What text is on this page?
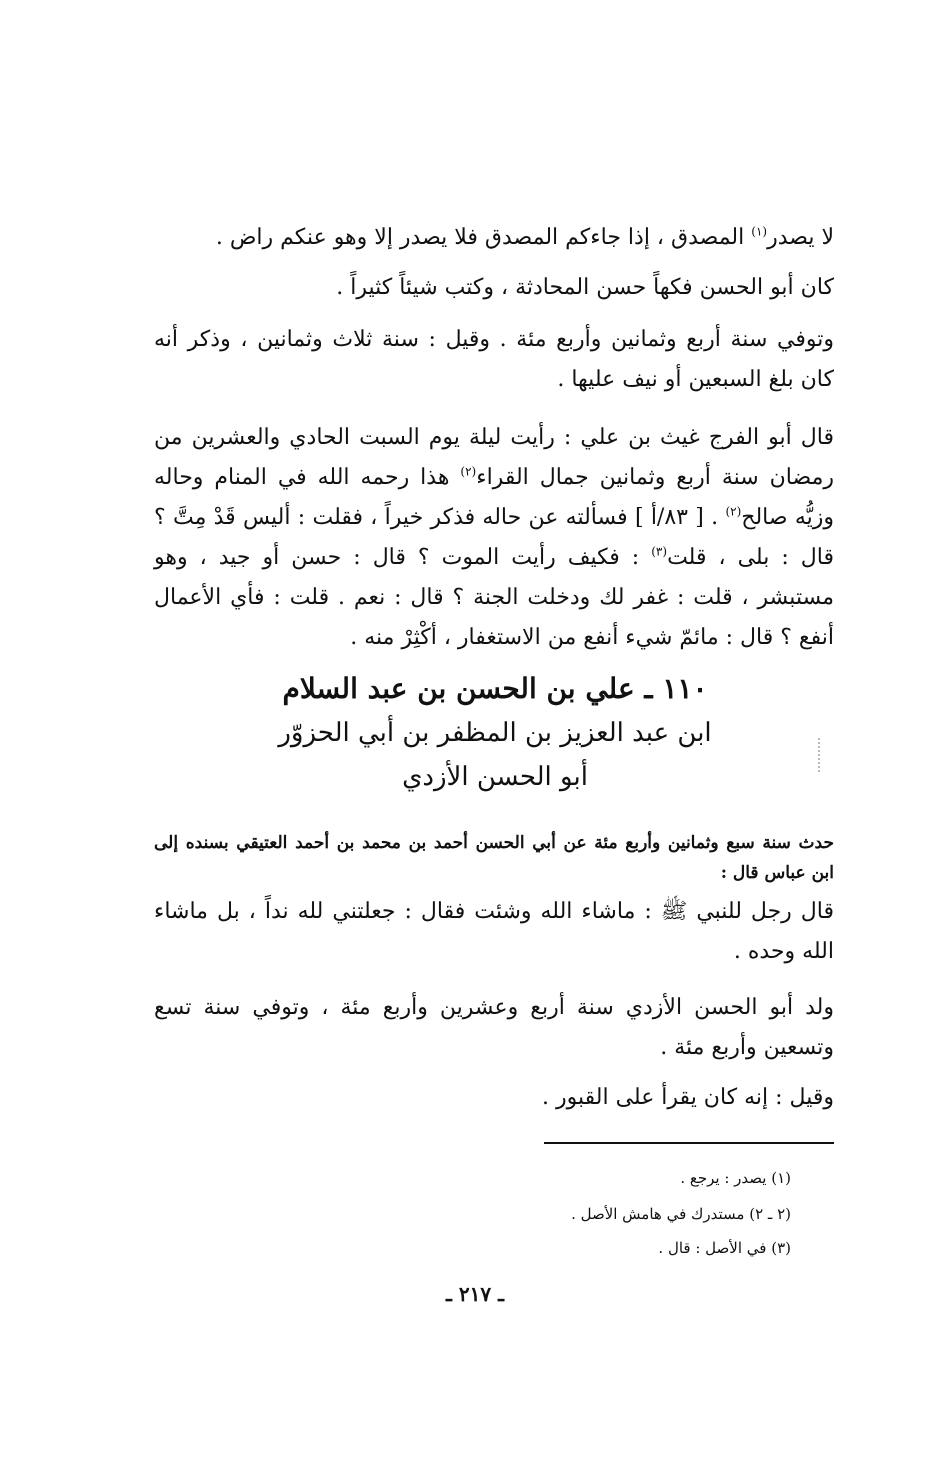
لا يصدر$^{(١)}$ المصدق ، إذا جاءكم المصدق فلا يصدر إلا وهو عنكم راض .
كان أبو الحسن فكهاً حسن المحادثة ، وكتب شيئاً كثيراً .
وتوفي سنة أربع وثمانين وأربع مئة . وقيل : سنة ثلاث وثمانين ، وذكر أنه كان بلغ السبعين أو نيف عليها .
قال أبو الفرج غيث بن علي : رأيت ليلة يوم السبت الحادي والعشرين من رمضان سنة أربع وثمانين جمال القراء$^{(٢)}$ هذا رحمه الله في المنام وحاله وزيُّه صالح$^{(٢)}$ . [ ٨٣/أ ] فسألته عن حاله فذكر خيراً ، فقلت : أليس قَدْ مِتَّ ؟ قال : بلى ، قلت$^{(٣)}$ : فكيف رأيت الموت ؟ قال : حسن أو جيد ، وهو مستبشر ، قلت : غفر لك ودخلت الجنة ؟ قال : نعم . قلت : فأي الأعمال أنفع ؟ قال : مائمّ شيء أنفع من الاستغفار ، أكْثِرْ منه .
١١٠ ـ علي بن الحسن بن عبد السلام
ابن عبد العزيز بن المظفر بن أبي الحزوّر
أبو الحسن الأزدي
حدث سنة سبع وثمانين وأربع مئة عن أبي الحسن أحمد بن محمد بن أحمد العتيقي بسنده إلى ابن عباس قال :
قال رجل للنبي ﷺ : ماشاء الله وشئت فقال : جعلتني لله نداً ، بل ماشاء الله وحده .
ولد أبو الحسن الأزدي سنة أربع وعشرين وأربع مئة ، وتوفي سنة تسع وتسعين وأربع مئة .
وقيل : إنه كان يقرأ على القبور .
(١) يصدر : يرجع .
(٢ ـ ٢) مستدرك في هامش الأصل .
(٣) في الأصل : قال .
ـ ٢١٧ ـ
